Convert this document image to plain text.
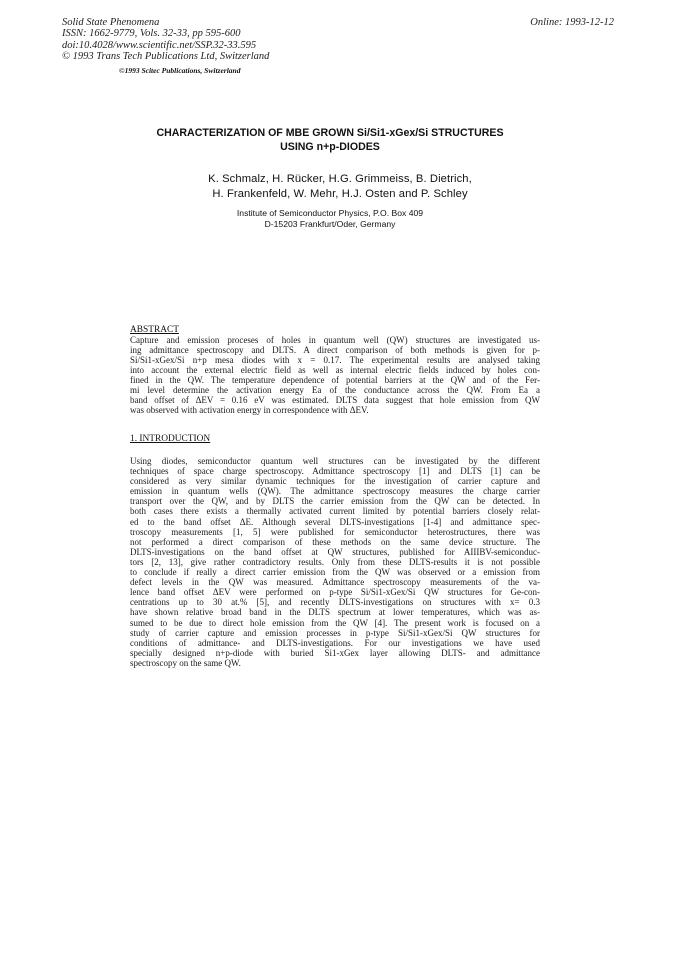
Solid State Phenomena
ISSN: 1662-9779, Vols. 32-33, pp 595-600
doi:10.4028/www.scientific.net/SSP.32-33.595
© 1993 Trans Tech Publications Ltd, Switzerland
Online: 1993-12-12
©1993 Scitec Publications, Switzerland
CHARACTERIZATION OF MBE GROWN Si/Si1-xGex/Si STRUCTURES
USING n+p-DIODES
K. Schmalz, H. Rücker, H.G. Grimmeiss, B. Dietrich,
H. Frankenfeld, W. Mehr, H.J. Osten and P. Schley
Institute of Semiconductor Physics, P.O. Box 409
D-15203 Frankfurt/Oder, Germany
ABSTRACT
Capture and emission proceses of holes in quantum well (QW) structures are investigated us-
ing admittance spectroscopy and DLTS. A direct comparison of both methods is given for p-
Si/Si1-xGex/Si n+p mesa diodes with x = 0.17. The experimental results are analysed taking
into account the external electric field as well as internal electric fields induced by holes con-
fined in the QW. The temperature dependence of potential barriers at the QW and of the Fer-
mi level determine the activation energy Ea of the conductance across the QW. From Ea a
band offset of ΔEV = 0.16 eV was estimated. DLTS data suggest that hole emission from QW
was observed with activation energy in correspondence with ΔEV.
1. INTRODUCTION
Using diodes, semiconductor quantum well structures can be investigated by the different
techniques of space charge spectroscopy. Admittance spectroscopy [1] and DLTS [1] can be
considered as very similar dynamic techniques for the investigation of carrier capture and
emission in quantum wells (QW). The admittance spectroscopy measures the charge carrier
transport over the QW, and by DLTS the carrier emission from the QW can be detected. In
both cases there exists a thermally activated current limited by potential barriers closely relat-
ed to the band offset ΔE. Although several DLTS-investigations [1-4] and admittance spec-
troscopy measurements [1, 5] were published for semiconductor heterostructures, there was
not performed a direct comparison of these methods on the same device structure. The
DLTS-investigations on the band offset at QW structures, published for AIIIBV-semiconduc-
tors [2, 13], give rather contradictory results. Only from these DLTS-results it is not possible
to conclude if really a direct carrier emission from the QW was observed or a emission from
defect levels in the QW was measured. Admittance spectroscopy measurements of the va-
lence band offset ΔEV were performed on p-type Si/Si1-xGex/Si QW structures for Ge-con-
centrations up to 30 at.% [5], and recently DLTS-investigations on structures with x= 0.3
have shown relative broad band in the DLTS spectrum at lower temperatures, which was as-
sumed to be due to direct hole emission from the QW [4]. The present work is focused on a
study of carrier capture and emission processes in p-type Si/Si1-xGex/Si QW structures for
conditions of admittance- and DLTS-investigations. For our investigations we have used
specially designed n+p-diode with buried Si1-xGex layer allowing DLTS- and admittance
spectroscopy on the same QW.
